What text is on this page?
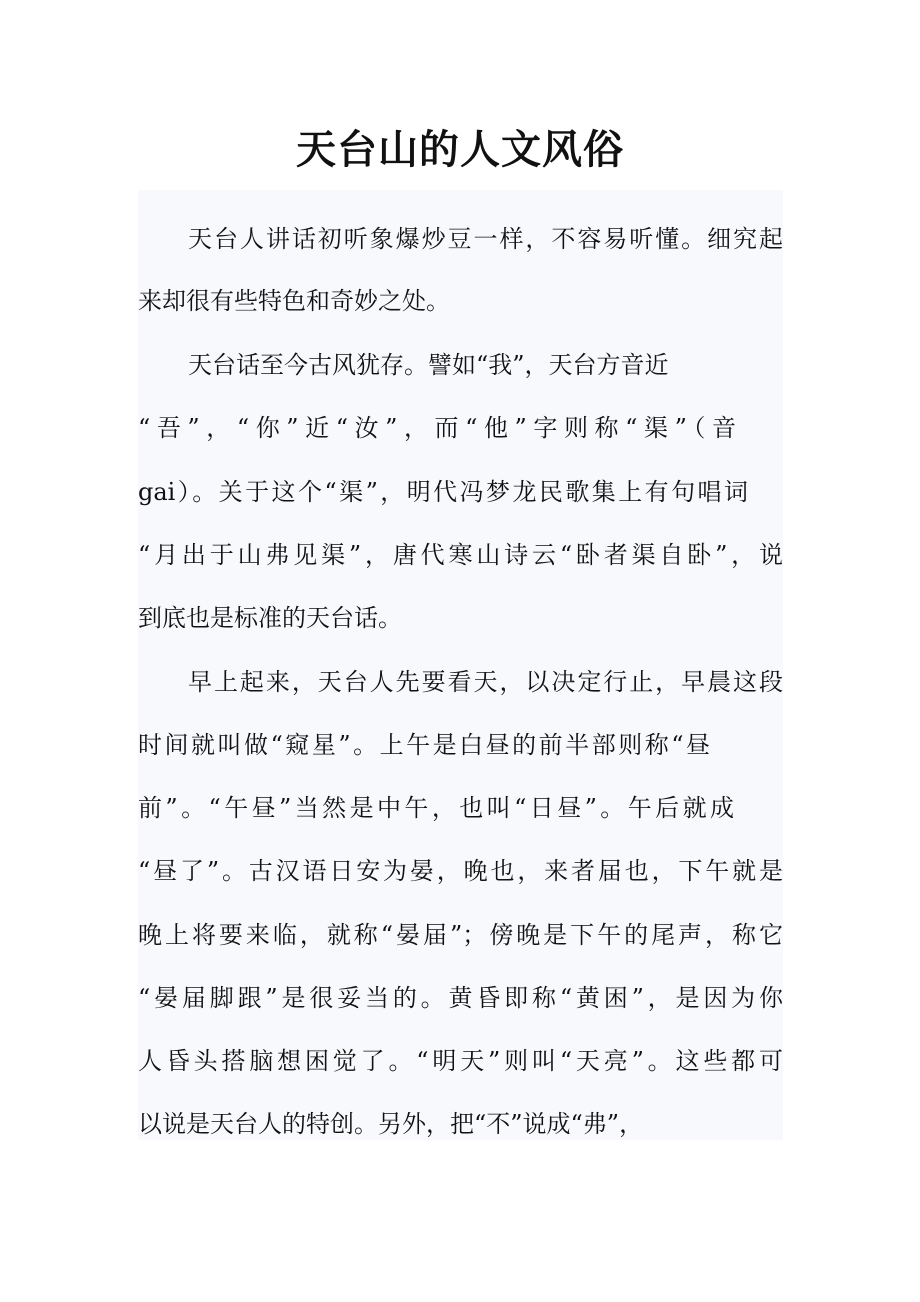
天台山的人文风俗

天台人讲话初听象爆炒豆一样，不容易听懂。细究起

来却很有些特色和奇妙之处。

天台话至今古风犹存。譬如“我”，天台方音近

“吾”，“你”近“汝”，而“他”字则称“渠”（音

gai）。关于这个“渠”，明代冯梦龙民歌集上有句唱词

“月出于山弗见渠”，唐代寒山诗云“卧者渠自卧”，说

到底也是标准的天台话。

早上起来，天台人先要看天，以决定行止，早晨这段

时间就叫做“窥星”。上午是白昼的前半部则称“昼

前”。“午昼”当然是中午，也叫“日昼”。午后就成

“昼了”。古汉语日安为晏，晚也，来者届也，下午就是

晚上将要来临，就称“晏届”；傍晚是下午的尾声，称它

“晏届脚跟”是很妥当的。黄昏即称“黄困”，是因为你

人昏头搭脑想困觉了。“明天”则叫“天亮”。这些都可

以说是天台人的特创。另外，把“不”说成“弗”，
